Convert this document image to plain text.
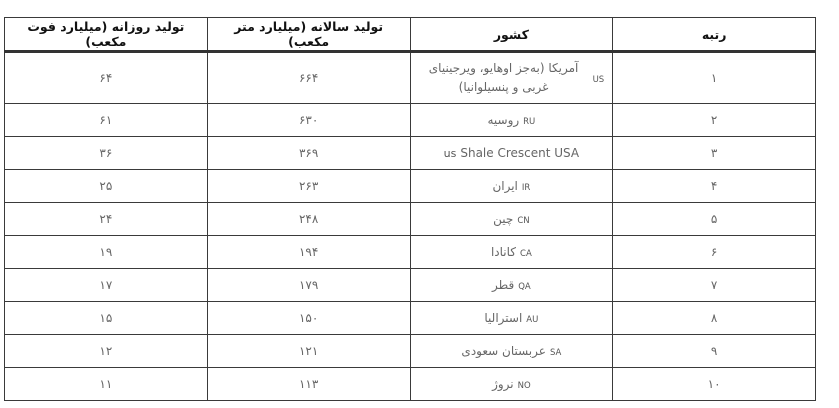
رتبه	کشور	تولید سالانه (میلیارد متر مکعب)	تولید روزانه (میلیارد فوت مکعب)
۱	USآمریکا (به‌جز اوهایو، ویرجینیای غربی و پنسیلوانیا)	۶۶۴	۶۴
۲	RUروسیه	۶۳۰	۶۱
۳	us Shale Crescent USA	۳۶۹	۳۶
۴	IRایران	۲۶۳	۲۵
۵	CNچین	۲۴۸	۲۴
۶	CAکانادا	۱۹۴	۱۹
۷	QAقطر	۱۷۹	۱۷
۸	AUاسترالیا	۱۵۰	۱۵
۹	SAعربستان سعودی	۱۲۱	۱۲
۱۰	NOنروژ	۱۱۳	۱۱
